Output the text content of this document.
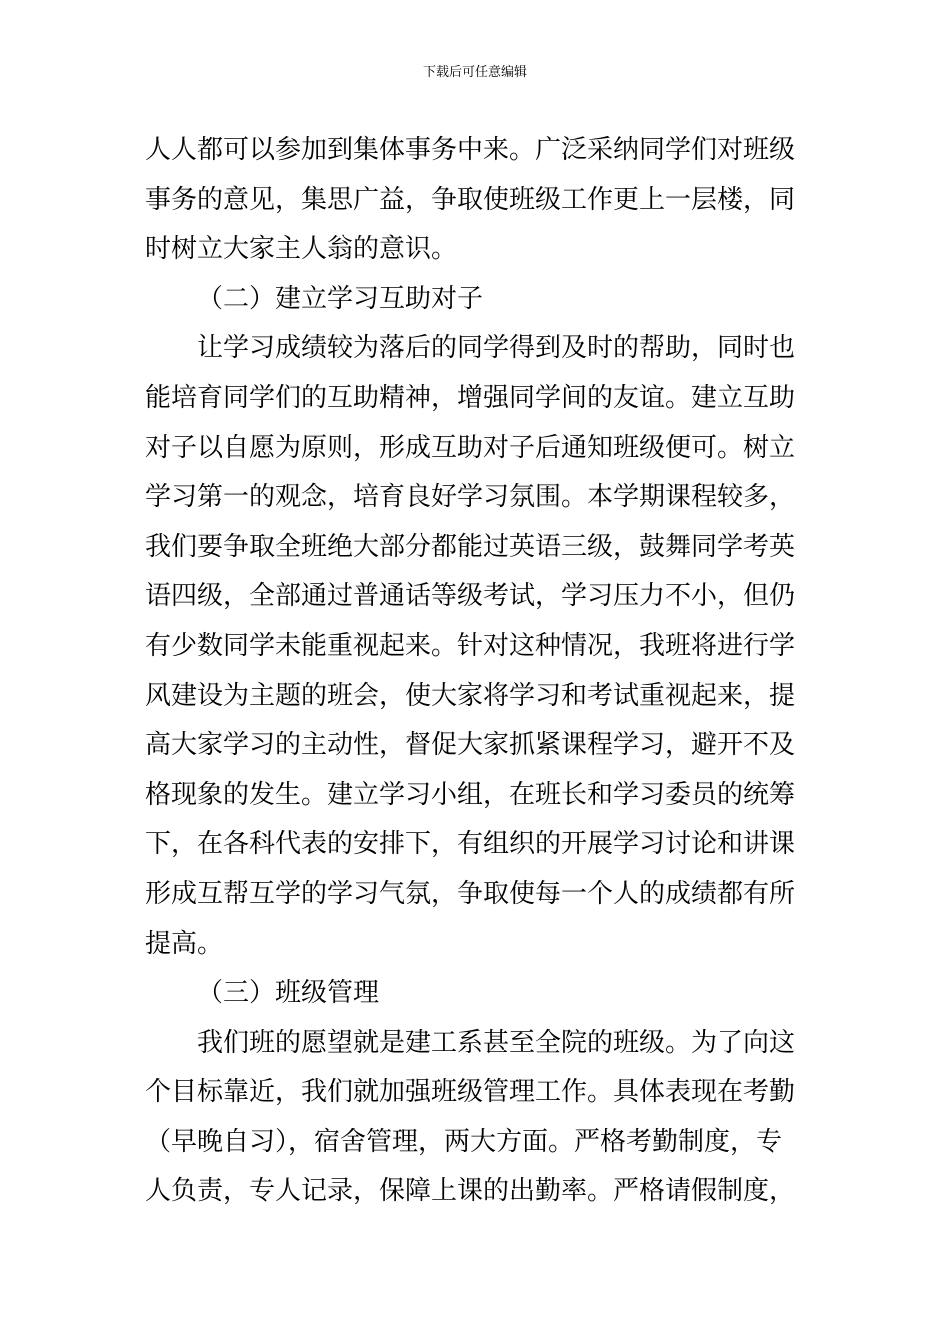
下载后可任意编辑
人人都可以参加到集体事务中来。广泛采纳同学们对班级
事务的意见，集思广益，争取使班级工作更上一层楼，同
时树立大家主人翁的意识。
（二）建立学习互助对子
让学习成绩较为落后的同学得到及时的帮助，同时也
能培育同学们的互助精神，增强同学间的友谊。建立互助
对子以自愿为原则，形成互助对子后通知班级便可。树立
学习第一的观念，培育良好学习氛围。本学期课程较多，
我们要争取全班绝大部分都能过英语三级，鼓舞同学考英
语四级，全部通过普通话等级考试，学习压力不小，但仍
有少数同学未能重视起来。针对这种情况，我班将进行学
风建设为主题的班会，使大家将学习和考试重视起来，提
高大家学习的主动性，督促大家抓紧课程学习，避开不及
格现象的发生。建立学习小组，在班长和学习委员的统筹
下，在各科代表的安排下，有组织的开展学习讨论和讲课
形成互帮互学的学习气氛，争取使每一个人的成绩都有所
提高。
（三）班级管理
我们班的愿望就是建工系甚至全院的班级。为了向这
个目标靠近，我们就加强班级管理工作。具体表现在考勤
（早晚自习），宿舍管理，两大方面。严格考勤制度，专
人负责，专人记录，保障上课的出勤率。严格请假制度，
